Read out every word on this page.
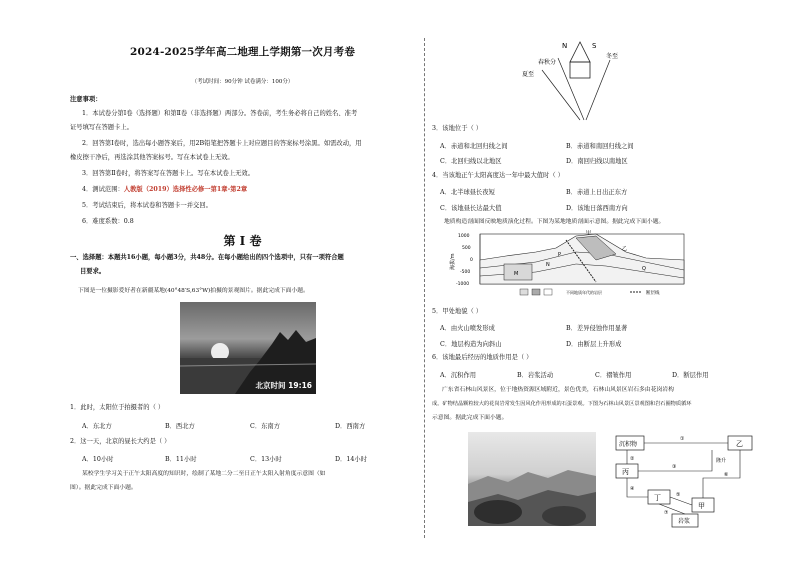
2024-2025学年高二地理上学期第一次月考卷
（考试时间：90分钟 试卷满分：100分）
注意事项：
1．本试卷分第Ⅰ卷（选择题）和第Ⅱ卷（非选择题）两部分。答卷前，考生务必将自己的姓名、准考
证号填写在答题卡上。
2．回答第Ⅰ卷时，选出每小题答案后，用2B铅笔把答题卡上对应题目的答案标号涂黑。如需改动，用
橡皮擦干净后，再选涂其他答案标号。写在本试卷上无效。
3．回答第Ⅱ卷时，将答案写在答题卡上。写在本试卷上无效。
4．测试范围：人教版（2019）选择性必修一第1章-第2章
5．考试结束后，将本试卷和答题卡一并交回。
6．难度系数：0.8
第 I 卷
一、选择题：本题共16小题，每小题3分，共48分。在每小题给出的四个选项中，只有一项符合题
目要求。
下图是一位摄影爱好者在新疆某地(40°48′S,63°W)拍摄的景观图片。据此完成下面小题。
北京时间 19:16
1．此时，太阳位于拍摄者的（ ）
A．东北方	B．西北方	C．东南方	D．西南方
2．这一天，北京的昼长大约是（ ）
A．10小时	B．11小时	C．13小时	D．14小时
某校学生学习关于正午太阳高度的知识时，绘制了某地二分二至日正午太阳入射角度示意图（如
图）。据此完成下面小题。
N	S
冬至
春秋分
夏至
3．该地位于（ ）
A．赤道和北回归线之间	B．赤道和南回归线之间
C．北回归线以北地区	D．南回归线以南地区
4．当该地正午太阳高度达一年中最大值时（ ）
A．北半球昼长夜短	B．赤道上日出正东方
C．该地昼长达最大值	D．该地日落西南方向
地质构造剖面图反映地质演化过程。下图为某地地质剖面示意图。据此完成下面小题。
海拔/m
1000
500
0
-500
-1000
甲
乙
M
N
P
Q
不同地质年代的岩层	断层线
5．甲处地貌（ ）
A．由火山喷发形成	B．差异侵蚀作用显著
C．地层构造为向斜山	D．由断层上升形成
6．该地最后经历的地质作用是（ ）
A．沉积作用	B．岩浆活动	C．褶皱作用	D．断层作用
广东省石林山风景区，位于地热资源区域附近，景色优美，石林山风景区岩石多由花岗岩构
成。矿物结晶颗粒较大的花岗岩常发生因风化作用形成的石蛋景观。下图为石林山风景区景观图和岩石圈物质循环
示意图。据此完成下面小题。
沉积物	乙
丙
甲
丁
岩浆
①
②
③
④
⑤
⑥
⑦
隆升
